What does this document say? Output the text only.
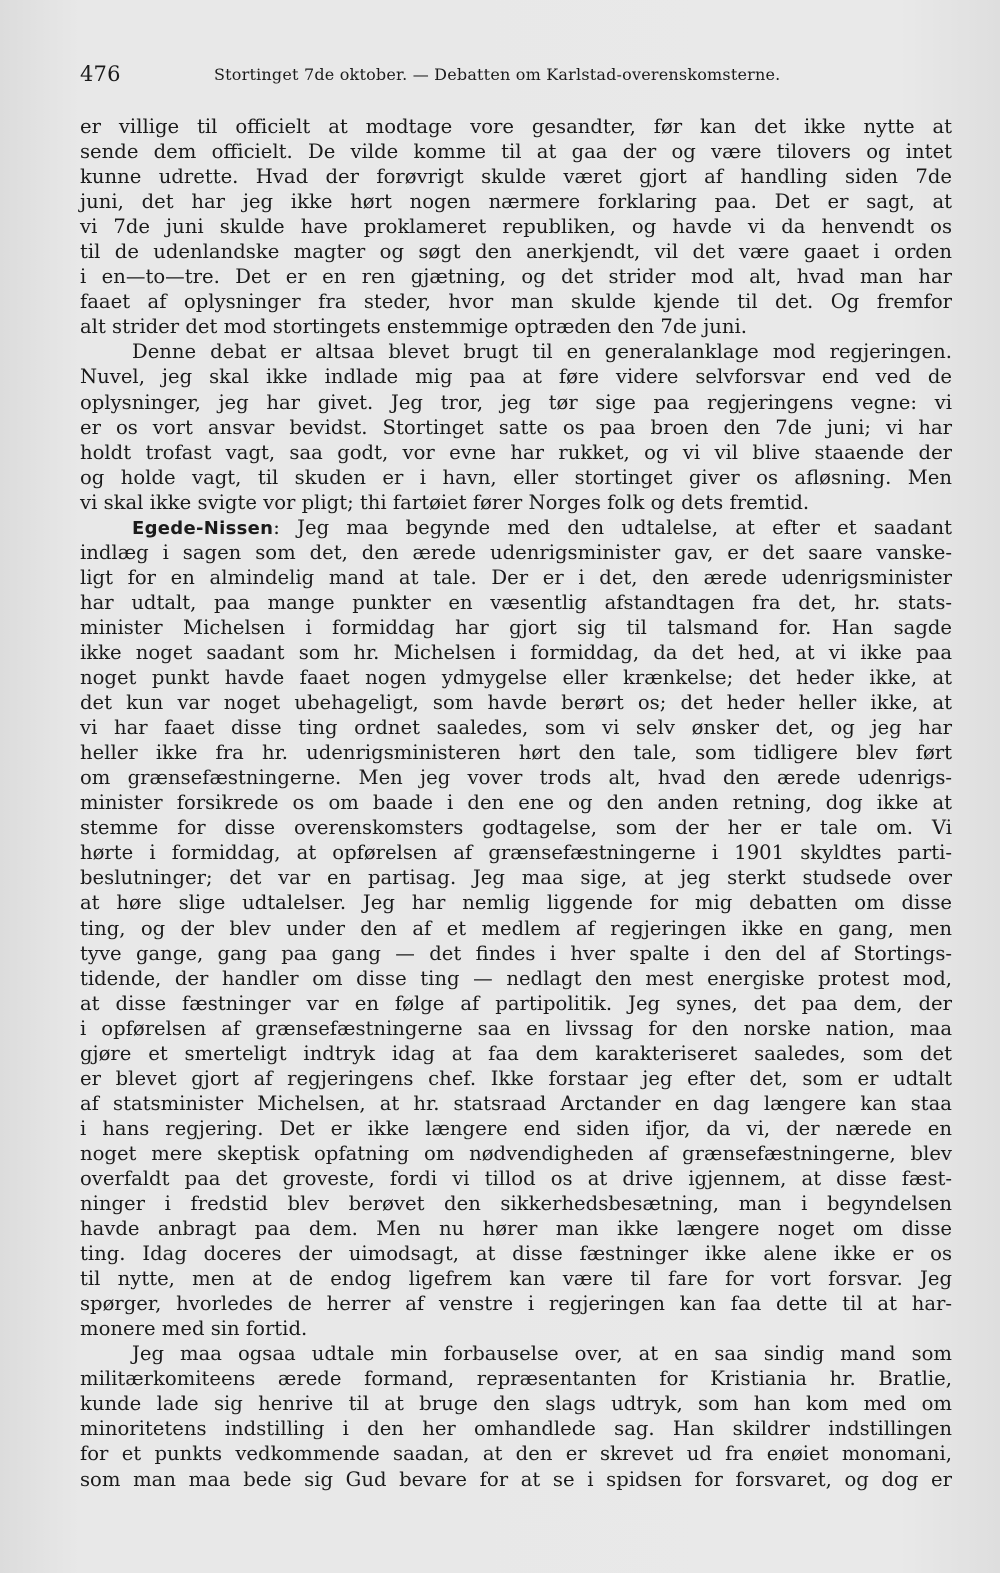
476	Stortinget 7de oktober. — Debatten om Karlstad-overenskomsterne.
er villige til officielt at modtage vore gesandter, før kan det ikke nytte at
sende dem officielt. De vilde komme til at gaa der og være tilovers og intet
kunne udrette. Hvad der forøvrigt skulde været gjort af handling siden 7de
juni, det har jeg ikke hørt nogen nærmere forklaring paa. Det er sagt, at
vi 7de juni skulde have proklameret republiken, og havde vi da henvendt os
til de udenlandske magter og søgt den anerkjendt, vil det være gaaet i orden
i en—to—tre. Det er en ren gjætning, og det strider mod alt, hvad man har
faaet af oplysninger fra steder, hvor man skulde kjende til det. Og fremfor
alt strider det mod stortingets enstemmige optræden den 7de juni.
Denne debat er altsaa blevet brugt til en generalanklage mod regjeringen.
Nuvel, jeg skal ikke indlade mig paa at føre videre selvforsvar end ved de
oplysninger, jeg har givet. Jeg tror, jeg tør sige paa regjeringens vegne: vi
er os vort ansvar bevidst. Stortinget satte os paa broen den 7de juni; vi har
holdt trofast vagt, saa godt, vor evne har rukket, og vi vil blive staaende der
og holde vagt, til skuden er i havn, eller stortinget giver os afløsning. Men
vi skal ikke svigte vor pligt; thi fartøiet fører Norges folk og dets fremtid.
Egede-Nissen: Jeg maa begynde med den udtalelse, at efter et saadant
indlæg i sagen som det, den ærede udenrigsminister gav, er det saare vanske-
ligt for en almindelig mand at tale. Der er i det, den ærede udenrigsminister
har udtalt, paa mange punkter en væsentlig afstandtagen fra det, hr. stats-
minister Michelsen i formiddag har gjort sig til talsmand for. Han sagde
ikke noget saadant som hr. Michelsen i formiddag, da det hed, at vi ikke paa
noget punkt havde faaet nogen ydmygelse eller krænkelse; det heder ikke, at
det kun var noget ubehageligt, som havde berørt os; det heder heller ikke, at
vi har faaet disse ting ordnet saaledes, som vi selv ønsker det, og jeg har
heller ikke fra hr. udenrigsministeren hørt den tale, som tidligere blev ført
om grænsefæstningerne. Men jeg vover trods alt, hvad den ærede udenrigs-
minister forsikrede os om baade i den ene og den anden retning, dog ikke at
stemme for disse overenskomsters godtagelse, som der her er tale om. Vi
hørte i formiddag, at opførelsen af grænsefæstningerne i 1901 skyldtes parti-
beslutninger; det var en partisag. Jeg maa sige, at jeg sterkt studsede over
at høre slige udtalelser. Jeg har nemlig liggende for mig debatten om disse
ting, og der blev under den af et medlem af regjeringen ikke en gang, men
tyve gange, gang paa gang — det findes i hver spalte i den del af Stortings-
tidende, der handler om disse ting — nedlagt den mest energiske protest mod,
at disse fæstninger var en følge af partipolitik. Jeg synes, det paa dem, der
i opførelsen af grænsefæstningerne saa en livssag for den norske nation, maa
gjøre et smerteligt indtryk idag at faa dem karakteriseret saaledes, som det
er blevet gjort af regjeringens chef. Ikke forstaar jeg efter det, som er udtalt
af statsminister Michelsen, at hr. statsraad Arctander en dag længere kan staa
i hans regjering. Det er ikke længere end siden ifjor, da vi, der nærede en
noget mere skeptisk opfatning om nødvendigheden af grænsefæstningerne, blev
overfaldt paa det groveste, fordi vi tillod os at drive igjennem, at disse fæst-
ninger i fredstid blev berøvet den sikkerhedsbesætning, man i begyndelsen
havde anbragt paa dem. Men nu hører man ikke længere noget om disse
ting. Idag doceres der uimodsagt, at disse fæstninger ikke alene ikke er os
til nytte, men at de endog ligefrem kan være til fare for vort forsvar. Jeg
spørger, hvorledes de herrer af venstre i regjeringen kan faa dette til at har-
monere med sin fortid.
Jeg maa ogsaa udtale min forbauselse over, at en saa sindig mand som
militærkomiteens ærede formand, repræsentanten for Kristiania hr. Bratlie,
kunde lade sig henrive til at bruge den slags udtryk, som han kom med om
minoritetens indstilling i den her omhandlede sag. Han skildrer indstillingen
for et punkts vedkommende saadan, at den er skrevet ud fra enøiet monomani,
som man maa bede sig Gud bevare for at se i spidsen for forsvaret, og dog er
